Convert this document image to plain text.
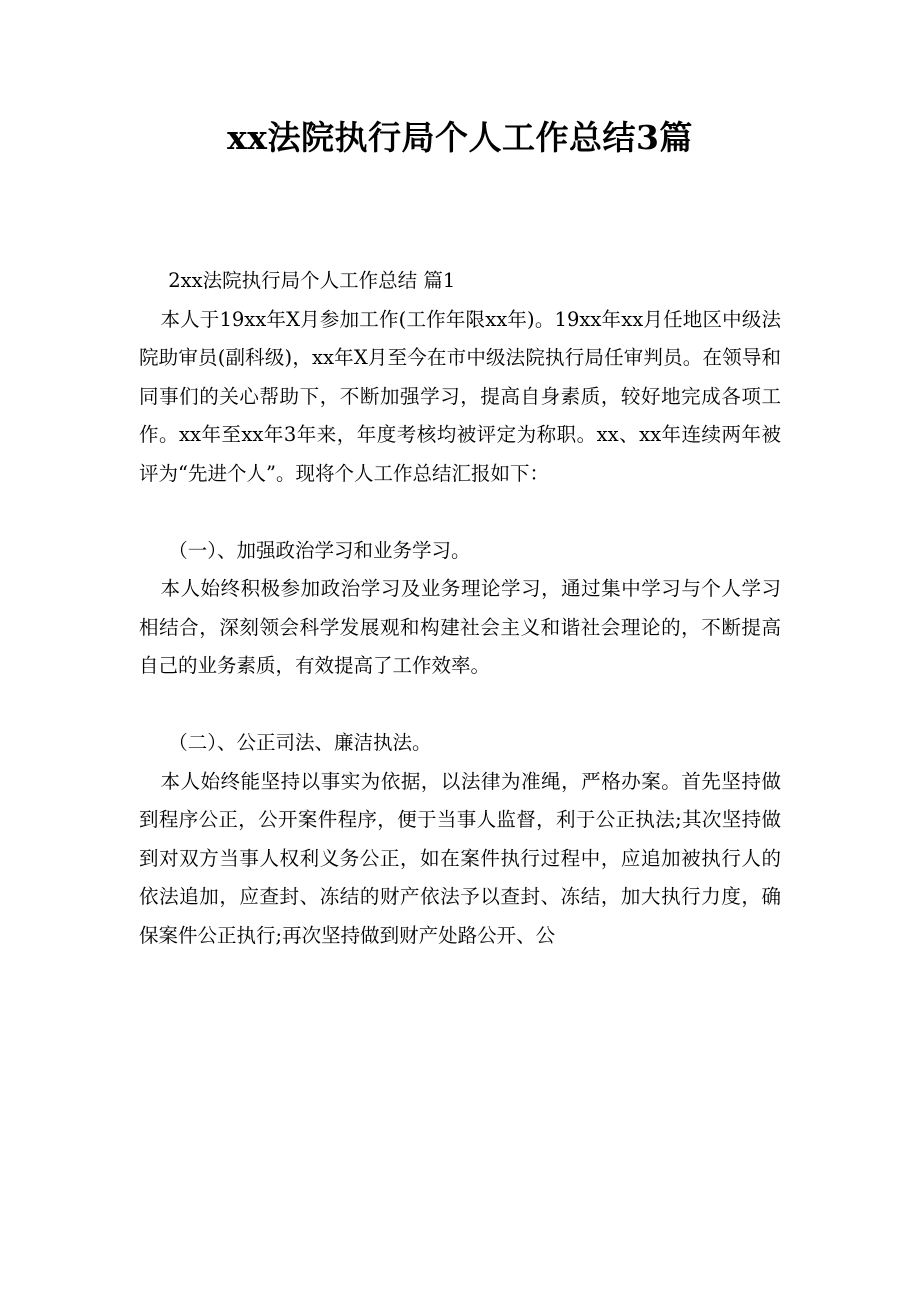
xx法院执行局个人工作总结3篇

2xx法院执行局个人工作总结 篇1

本人于19xx年X月参加工作(工作年限xx年)。19xx年xx月任地区中级法院助审员(副科级)，xx年X月至今在市中级法院执行局任审判员。在领导和同事们的关心帮助下，不断加强学习，提高自身素质，较好地完成各项工作。xx年至xx年3年来，年度考核均被评定为称职。xx、xx年连续两年被评为“先进个人”。现将个人工作总结汇报如下：

（一）、加强政治学习和业务学习。

本人始终积极参加政治学习及业务理论学习，通过集中学习与个人学习相结合，深刻领会科学发展观和构建社会主义和谐社会理论的，不断提高自己的业务素质，有效提高了工作效率。

（二）、公正司法、廉洁执法。

本人始终能坚持以事实为依据，以法律为准绳，严格办案。首先坚持做到程序公正，公开案件程序，便于当事人监督，利于公正执法;其次坚持做到对双方当事人权利义务公正，如在案件执行过程中，应追加被执行人的依法追加，应查封、冻结的财产依法予以查封、冻结，加大执行力度，确保案件公正执行;再次坚持做到财产处路公开、公
